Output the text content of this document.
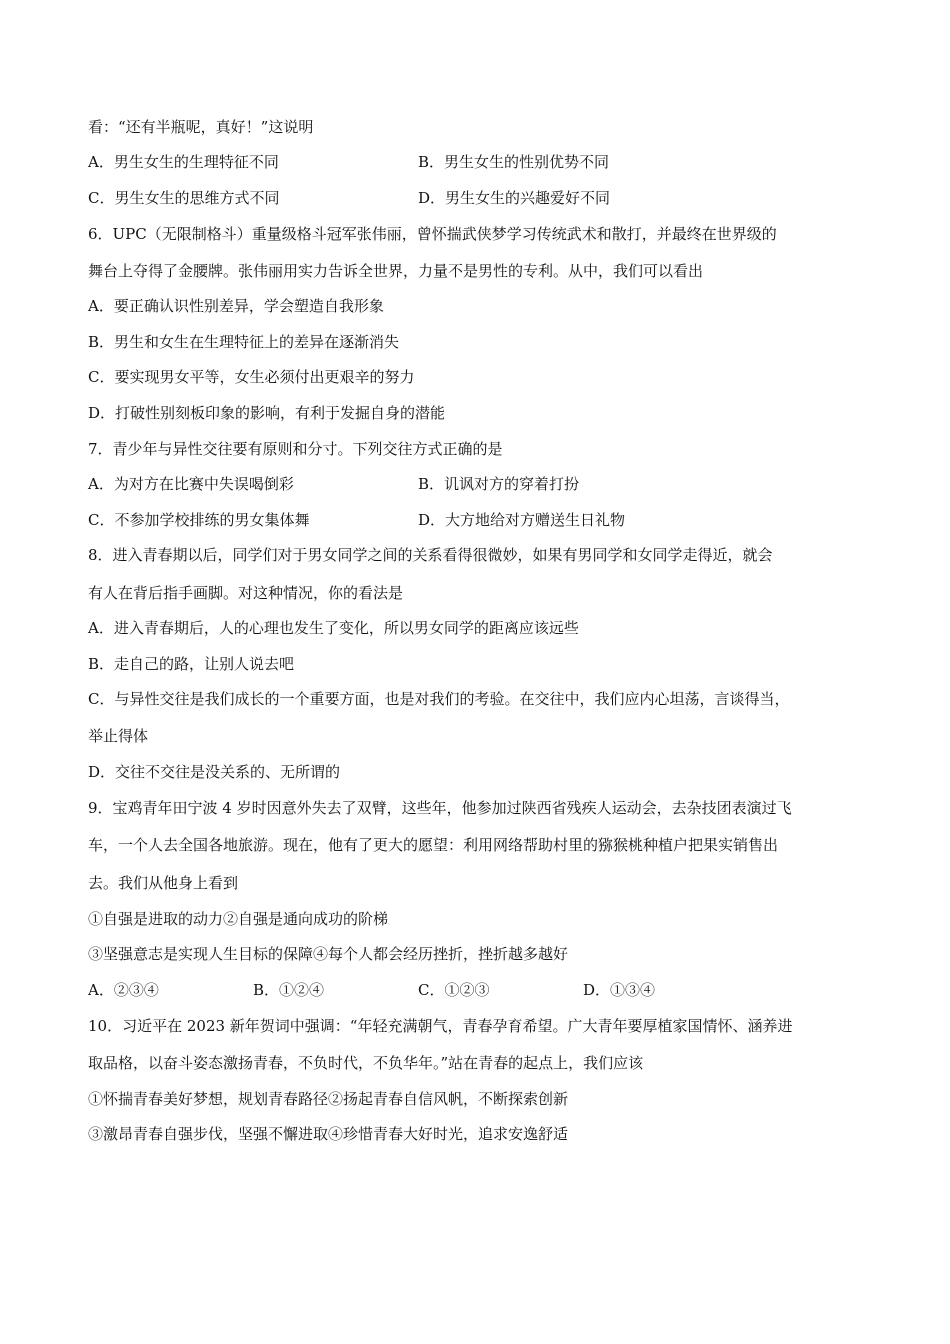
看：“还有半瓶呢，真好！”这说明
A．男生女生的生理特征不同	B．男生女生的性别优势不同
C．男生女生的思维方式不同	D．男生女生的兴趣爱好不同
6．UPC（无限制格斗）重量级格斗冠军张伟丽，曾怀揣武侠梦学习传统武术和散打，并最终在世界级的
舞台上夺得了金腰牌。张伟丽用实力告诉全世界，力量不是男性的专利。从中，我们可以看出
A．要正确认识性别差异，学会塑造自我形象
B．男生和女生在生理特征上的差异在逐渐消失
C．要实现男女平等，女生必须付出更艰辛的努力
D．打破性别刻板印象的影响，有利于发掘自身的潜能
7．青少年与异性交往要有原则和分寸。下列交往方式正确的是
A．为对方在比赛中失误喝倒彩	B．讥讽对方的穿着打扮
C．不参加学校排练的男女集体舞	D．大方地给对方赠送生日礼物
8．进入青春期以后，同学们对于男女同学之间的关系看得很微妙，如果有男同学和女同学走得近，就会
有人在背后指手画脚。对这种情况，你的看法是
A．进入青春期后，人的心理也发生了变化，所以男女同学的距离应该远些
B．走自己的路，让别人说去吧
C．与异性交往是我们成长的一个重要方面，也是对我们的考验。在交往中，我们应内心坦荡，言谈得当，
举止得体
D．交往不交往是没关系的、无所谓的
9．宝鸡青年田宁波 4 岁时因意外失去了双臂，这些年，他参加过陕西省残疾人运动会，去杂技团表演过飞
车，一个人去全国各地旅游。现在，他有了更大的愿望：利用网络帮助村里的猕猴桃种植户把果实销售出
去。我们从他身上看到
①自强是进取的动力②自强是通向成功的阶梯
③坚强意志是实现人生目标的保障④每个人都会经历挫折，挫折越多越好
A．②③④	B．①②④	C．①②③	D．①③④
10．习近平在 2023 新年贺词中强调：“年轻充满朝气，青春孕育希望。广大青年要厚植家国情怀、涵养进
取品格，以奋斗姿态激扬青春，不负时代，不负华年。”站在青春的起点上，我们应该
①怀揣青春美好梦想，规划青春路径②扬起青春自信风帆，不断探索创新
③激昂青春自强步伐，坚强不懈进取④珍惜青春大好时光，追求安逸舒适
